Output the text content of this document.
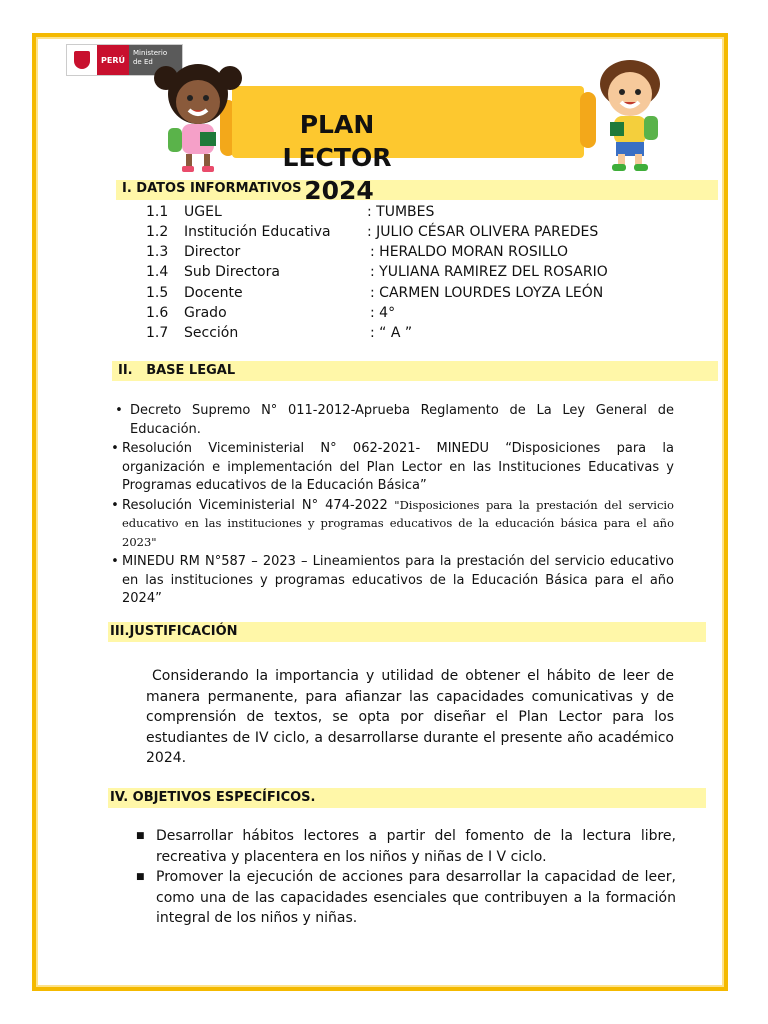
PERÚ
Ministerio de Ed
PLAN
LECTOR
2024
I. DATOS INFORMATIVOS
1.1 UGEL	: TUMBES
1.2 Institución Educativa	: JULIO CÉSAR OLIVERA PAREDES
1.3 Director	: HERALDO MORAN ROSILLO
1.4 Sub Directora	: YULIANA RAMIREZ DEL ROSARIO
1.5 Docente	: CARMEN LOURDES LOYZA LEÓN
1.6 Grado	: 4°
1.7 Sección	: “ A ”
II.   BASE LEGAL
• Decreto Supremo N° 011-2012-Aprueba Reglamento de La Ley General de Educación.
• Resolución Viceministerial N° 062-2021- MINEDU “Disposiciones para la organización e implementación del Plan Lector en las Instituciones Educativas y Programas educativos de la Educación Básica”
• Resolución Viceministerial N° 474-2022 "Disposiciones para la prestación del servicio educativo en las instituciones y programas educativos de la educación básica para el año 2023"
• MINEDU RM N°587 – 2023 – Lineamientos para la prestación del servicio educativo en las instituciones y programas educativos de la Educación Básica para el año 2024”
III.JUSTIFICACIÓN
Considerando la importancia y utilidad de obtener el hábito de leer de manera permanente, para afianzar las capacidades comunicativas y de comprensión de textos, se opta por diseñar el Plan Lector para los estudiantes de IV ciclo, a desarrollarse durante el presente año académico 2024.
IV. OBJETIVOS ESPECÍFICOS.
■ Desarrollar hábitos lectores a partir del fomento de la lectura libre, recreativa y placentera en los niños y niñas de I V ciclo.
■ Promover la ejecución de acciones para desarrollar la capacidad de leer, como una de las capacidades esenciales que contribuyen a la formación integral de los niños y niñas.
